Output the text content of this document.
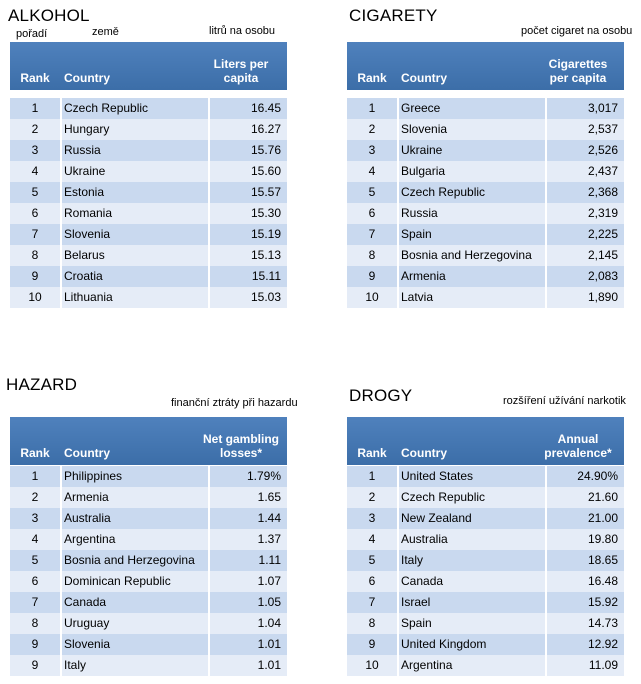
ALKOHOL
pořadí	země	litrů na osobu
Rank	Country
Liters per capita
1	Czech Republic	16.45
2	Hungary	16.27
3	Russia	15.76
4	Ukraine	15.60
5	Estonia	15.57
6	Romania	15.30
7	Slovenia	15.19
8	Belarus	15.13
9	Croatia	15.11
10	Lithuania	15.03
CIGARETY
počet cigaret na osobu
Rank	Country
Cigarettes per capita
1	Greece	3,017
2	Slovenia	2,537
3	Ukraine	2,526
4	Bulgaria	2,437
5	Czech Republic	2,368
6	Russia	2,319
7	Spain	2,225
8	Bosnia and Herzegovina	2,145
9	Armenia	2,083
10	Latvia	1,890
HAZARD
finanční ztráty při hazardu
Rank	Country
Net gambling losses*
1	Philippines	1.79%
2	Armenia	1.65
3	Australia	1.44
4	Argentina	1.37
5	Bosnia and Herzegovina	1.11
6	Dominican Republic	1.07
7	Canada	1.05
8	Uruguay	1.04
9	Slovenia	1.01
9	Italy	1.01
DROGY	rozšíření užívání narkotik
Rank	Country
Annual prevalence*
1	United States	24.90%
2	Czech Republic	21.60
3	New Zealand	21.00
4	Australia	19.80
5	Italy	18.65
6	Canada	16.48
7	Israel	15.92
8	Spain	14.73
9	United Kingdom	12.92
10	Argentina	11.09
